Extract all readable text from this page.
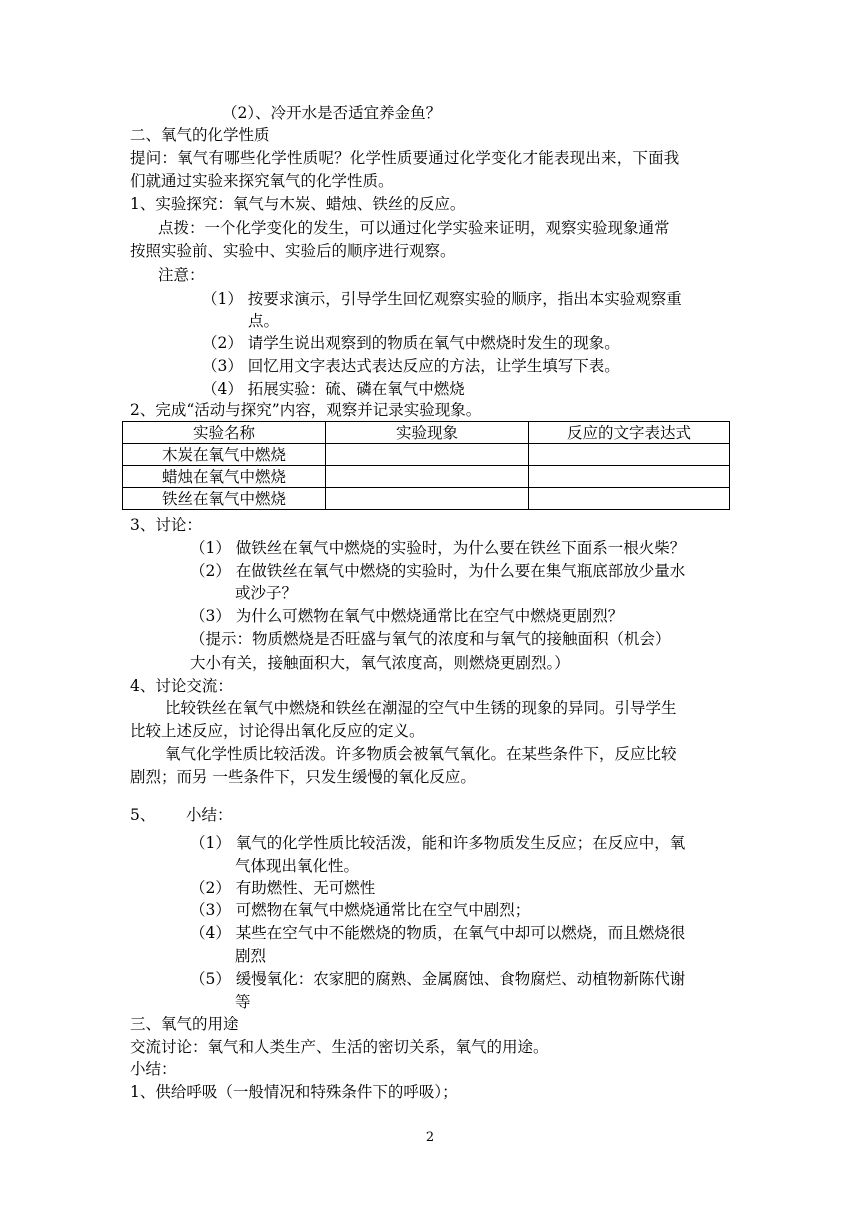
（2）、冷开水是否适宜养金鱼？
二、氧气的化学性质
提问：氧气有哪些化学性质呢？化学性质要通过化学变化才能表现出来，下面我
们就通过实验来探究氧气的化学性质。
1、实验探究：氧气与木炭、蜡烛、铁丝的反应。
点拨：一个化学变化的发生，可以通过化学实验来证明，观察实验现象通常
按照实验前、实验中、实验后的顺序进行观察。
注意：
（1） 按要求演示，引导学生回忆观察实验的顺序，指出本实验观察重
点。
（2） 请学生说出观察到的物质在氧气中燃烧时发生的现象。
（3） 回忆用文字表达式表达反应的方法，让学生填写下表。
（4） 拓展实验：硫、磷在氧气中燃烧
2、完成“活动与探究”内容，观察并记录实验现象。
实验名称	实验现象	反应的文字表达式
木炭在氧气中燃烧		
蜡烛在氧气中燃烧		
铁丝在氧气中燃烧		
3、讨论：
（1） 做铁丝在氧气中燃烧的实验时，为什么要在铁丝下面系一根火柴？
（2） 在做铁丝在氧气中燃烧的实验时，为什么要在集气瓶底部放少量水
或沙子？
（3） 为什么可燃物在氧气中燃烧通常比在空气中燃烧更剧烈？
（提示：物质燃烧是否旺盛与氧气的浓度和与氧气的接触面积（机会）
大小有关，接触面积大，氧气浓度高，则燃烧更剧烈。）
4、讨论交流：
比较铁丝在氧气中燃烧和铁丝在潮湿的空气中生锈的现象的异同。引导学生
比较上述反应，讨论得出氧化反应的定义。
氧气化学性质比较活泼。许多物质会被氧气氧化。在某些条件下，反应比较
剧烈；而另 一些条件下，只发生缓慢的氧化反应。
5、 小结：
（1） 氧气的化学性质比较活泼，能和许多物质发生反应；在反应中，氧
气体现出氧化性。
（2） 有助燃性、无可燃性
（3） 可燃物在氧气中燃烧通常比在空气中剧烈；
（4） 某些在空气中不能燃烧的物质，在氧气中却可以燃烧，而且燃烧很
剧烈
（5） 缓慢氧化：农家肥的腐熟、金属腐蚀、食物腐烂、动植物新陈代谢
等
三、氧气的用途
交流讨论：氧气和人类生产、生活的密切关系，氧气的用途。
小结：
1、供给呼吸（一般情况和特殊条件下的呼吸）；
2
